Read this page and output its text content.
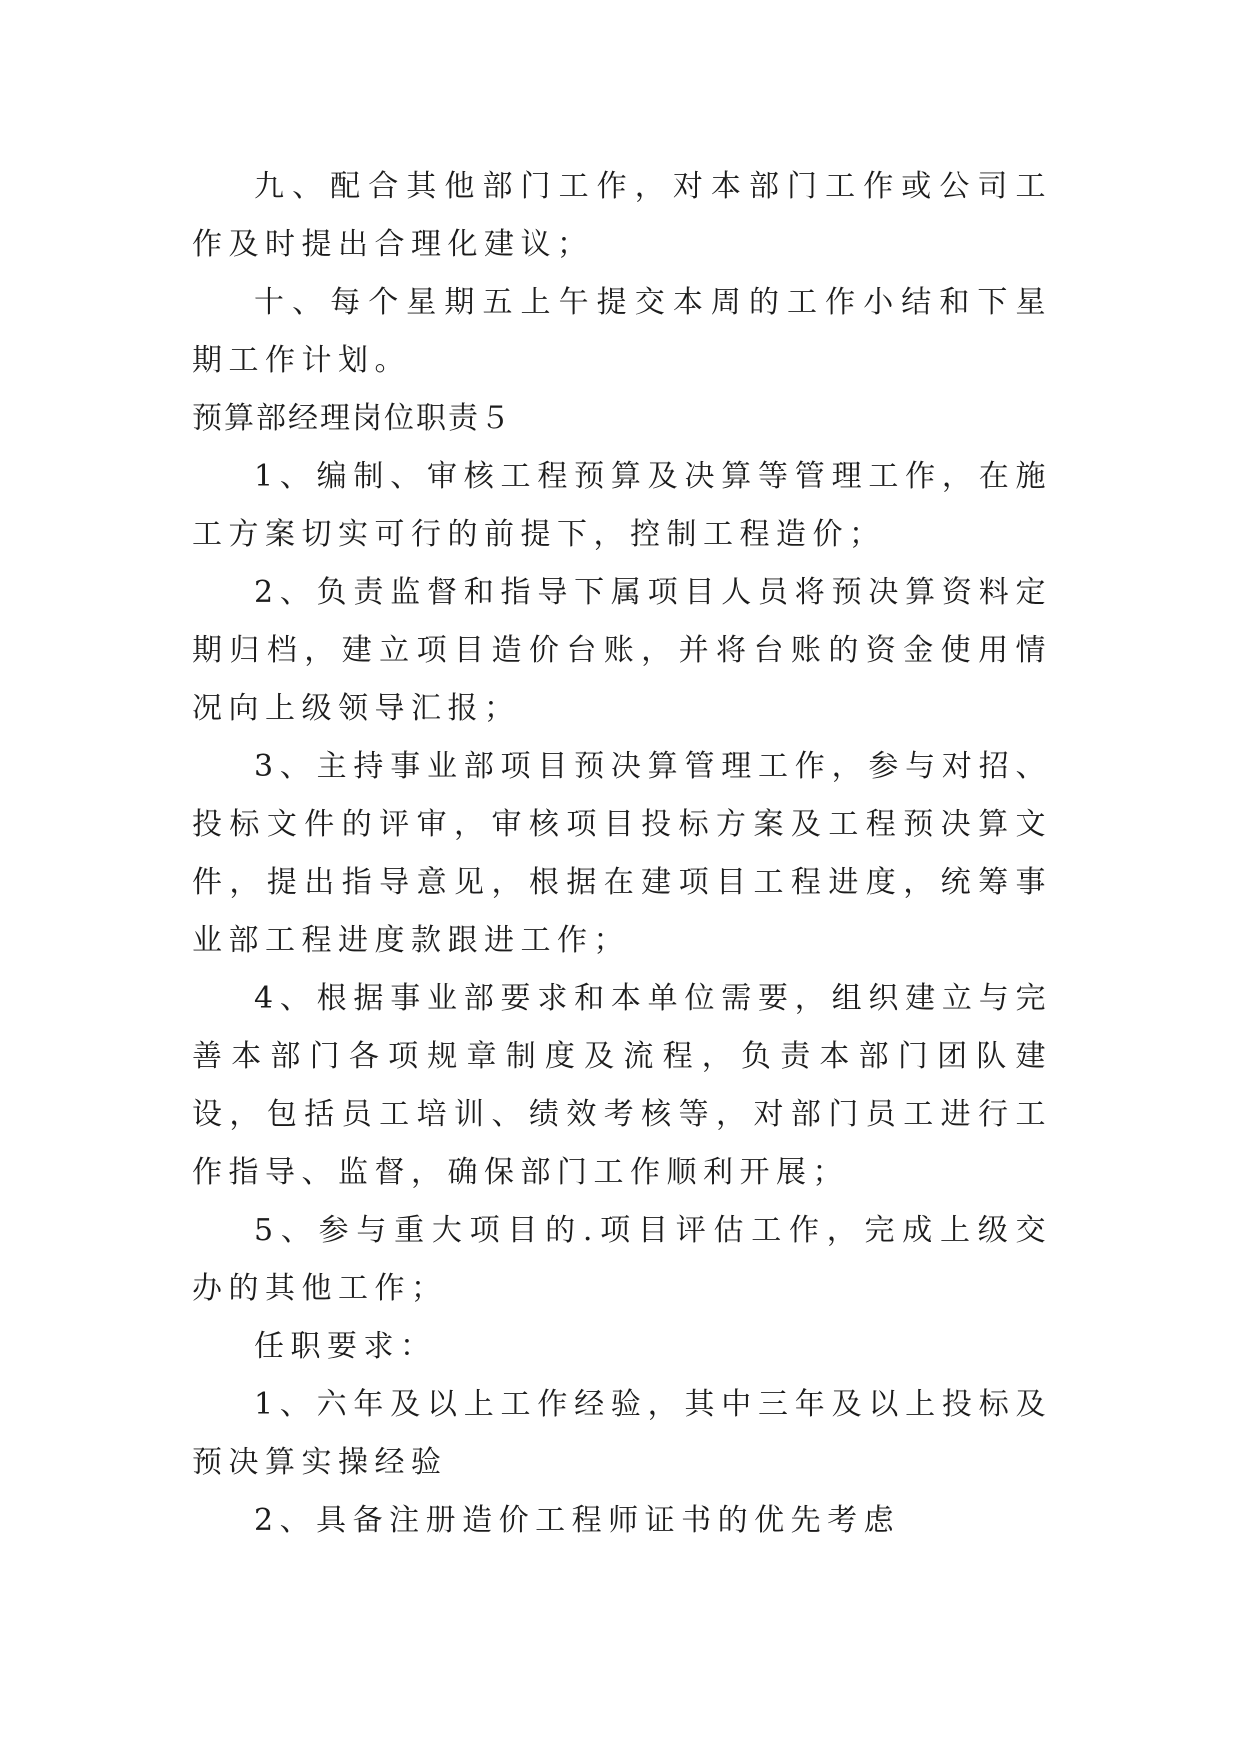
九、配合其他部门工作，对本部门工作或公司工作及时提出合理化建议；

十、每个星期五上午提交本周的工作小结和下星期工作计划。

预算部经理岗位职责５

1、编制、审核工程预算及决算等管理工作，在施工方案切实可行的前提下，控制工程造价；

2、负责监督和指导下属项目人员将预决算资料定期归档，建立项目造价台账，并将台账的资金使用情况向上级领导汇报；

3、主持事业部项目预决算管理工作，参与对招、投标文件的评审，审核项目投标方案及工程预决算文件，提出指导意见，根据在建项目工程进度，统筹事业部工程进度款跟进工作；

4、根据事业部要求和本单位需要，组织建立与完善本部门各项规章制度及流程，负责本部门团队建设，包括员工培训、绩效考核等，对部门员工进行工作指导、监督，确保部门工作顺利开展；

5、参与重大项目的.项目评估工作，完成上级交办的其他工作；

任职要求：

1、六年及以上工作经验，其中三年及以上投标及预决算实操经验

2、具备注册造价工程师证书的优先考虑
